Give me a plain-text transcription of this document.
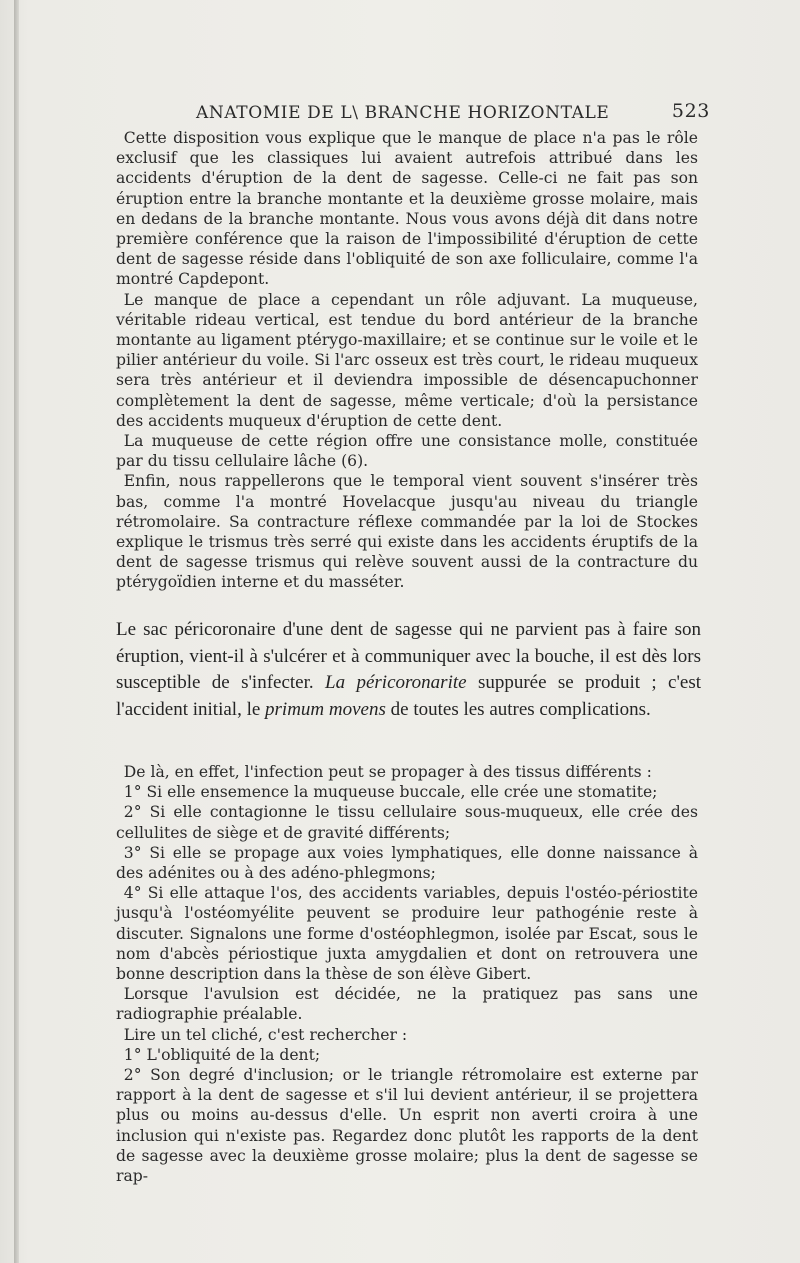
ANATOMIE DE L\ BRANCHE HORIZONTALE	523

Cette disposition vous explique que le manque de place n'a pas le rôle exclusif que les classiques lui avaient autrefois attribué dans les accidents d'éruption de la dent de sagesse. Celle-ci ne fait pas son éruption entre la branche montante et la deuxième grosse molaire, mais en dedans de la branche montante. Nous vous avons déjà dit dans notre première conférence que la raison de l'impossibilité d'éruption de cette dent de sagesse réside dans l'obliquité de son axe folliculaire, comme l'a montré Capdepont.

Le manque de place a cependant un rôle adjuvant. La muqueuse, véritable rideau vertical, est tendue du bord antérieur de la branche montante au ligament ptérygo-maxillaire; et se continue sur le voile et le pilier antérieur du voile. Si l'arc osseux est très court, le rideau muqueux sera très antérieur et il deviendra impossible de désencapuchonner complètement la dent de sagesse, même verticale; d'où la persistance des accidents muqueux d'éruption de cette dent.

La muqueuse de cette région offre une consistance molle, constituée par du tissu cellulaire lâche (6).

Enfin, nous rappellerons que le temporal vient souvent s'insérer très bas, comme l'a montré Hovelacque jusqu'au niveau du triangle rétromolaire. Sa contracture réflexe commandée par la loi de Stockes explique le trismus très serré qui existe dans les accidents éruptifs de la dent de sagesse trismus qui relève souvent aussi de la contracture du ptérygoïdien interne et du masséter.

Le sac péricoronaire d'une dent de sagesse qui ne parvient pas à faire son éruption, vient-il à s'ulcérer et à communiquer avec la bouche, il est dès lors susceptible de s'infecter. La péricoronarite suppurée se produit ; c'est l'accident initial, le primum movens de toutes les autres complications.

De là, en effet, l'infection peut se propager à des tissus différents :

1° Si elle ensemence la muqueuse buccale, elle crée une stomatite;

2° Si elle contagionne le tissu cellulaire sous-muqueux, elle crée des cellulites de siège et de gravité différents;

3° Si elle se propage aux voies lymphatiques, elle donne naissance à des adénites ou à des adéno-phlegmons;

4° Si elle attaque l'os, des accidents variables, depuis l'ostéo-périostite jusqu'à l'ostéomyélite peuvent se produire leur pathogénie reste à discuter. Signalons une forme d'ostéophlegmon, isolée par Escat, sous le nom d'abcès périostique juxta amygdalien et dont on retrouvera une bonne description dans la thèse de son élève Gibert.

Lorsque l'avulsion est décidée, ne la pratiquez pas sans une radiographie préalable.

Lire un tel cliché, c'est rechercher :

1° L'obliquité de la dent;

2° Son degré d'inclusion; or le triangle rétromolaire est externe par rapport à la dent de sagesse et s'il lui devient antérieur, il se projettera plus ou moins au-dessus d'elle. Un esprit non averti croira à une inclusion qui n'existe pas. Regardez donc plutôt les rapports de la dent de sagesse avec la deuxième grosse molaire; plus la dent de sagesse se rap-
